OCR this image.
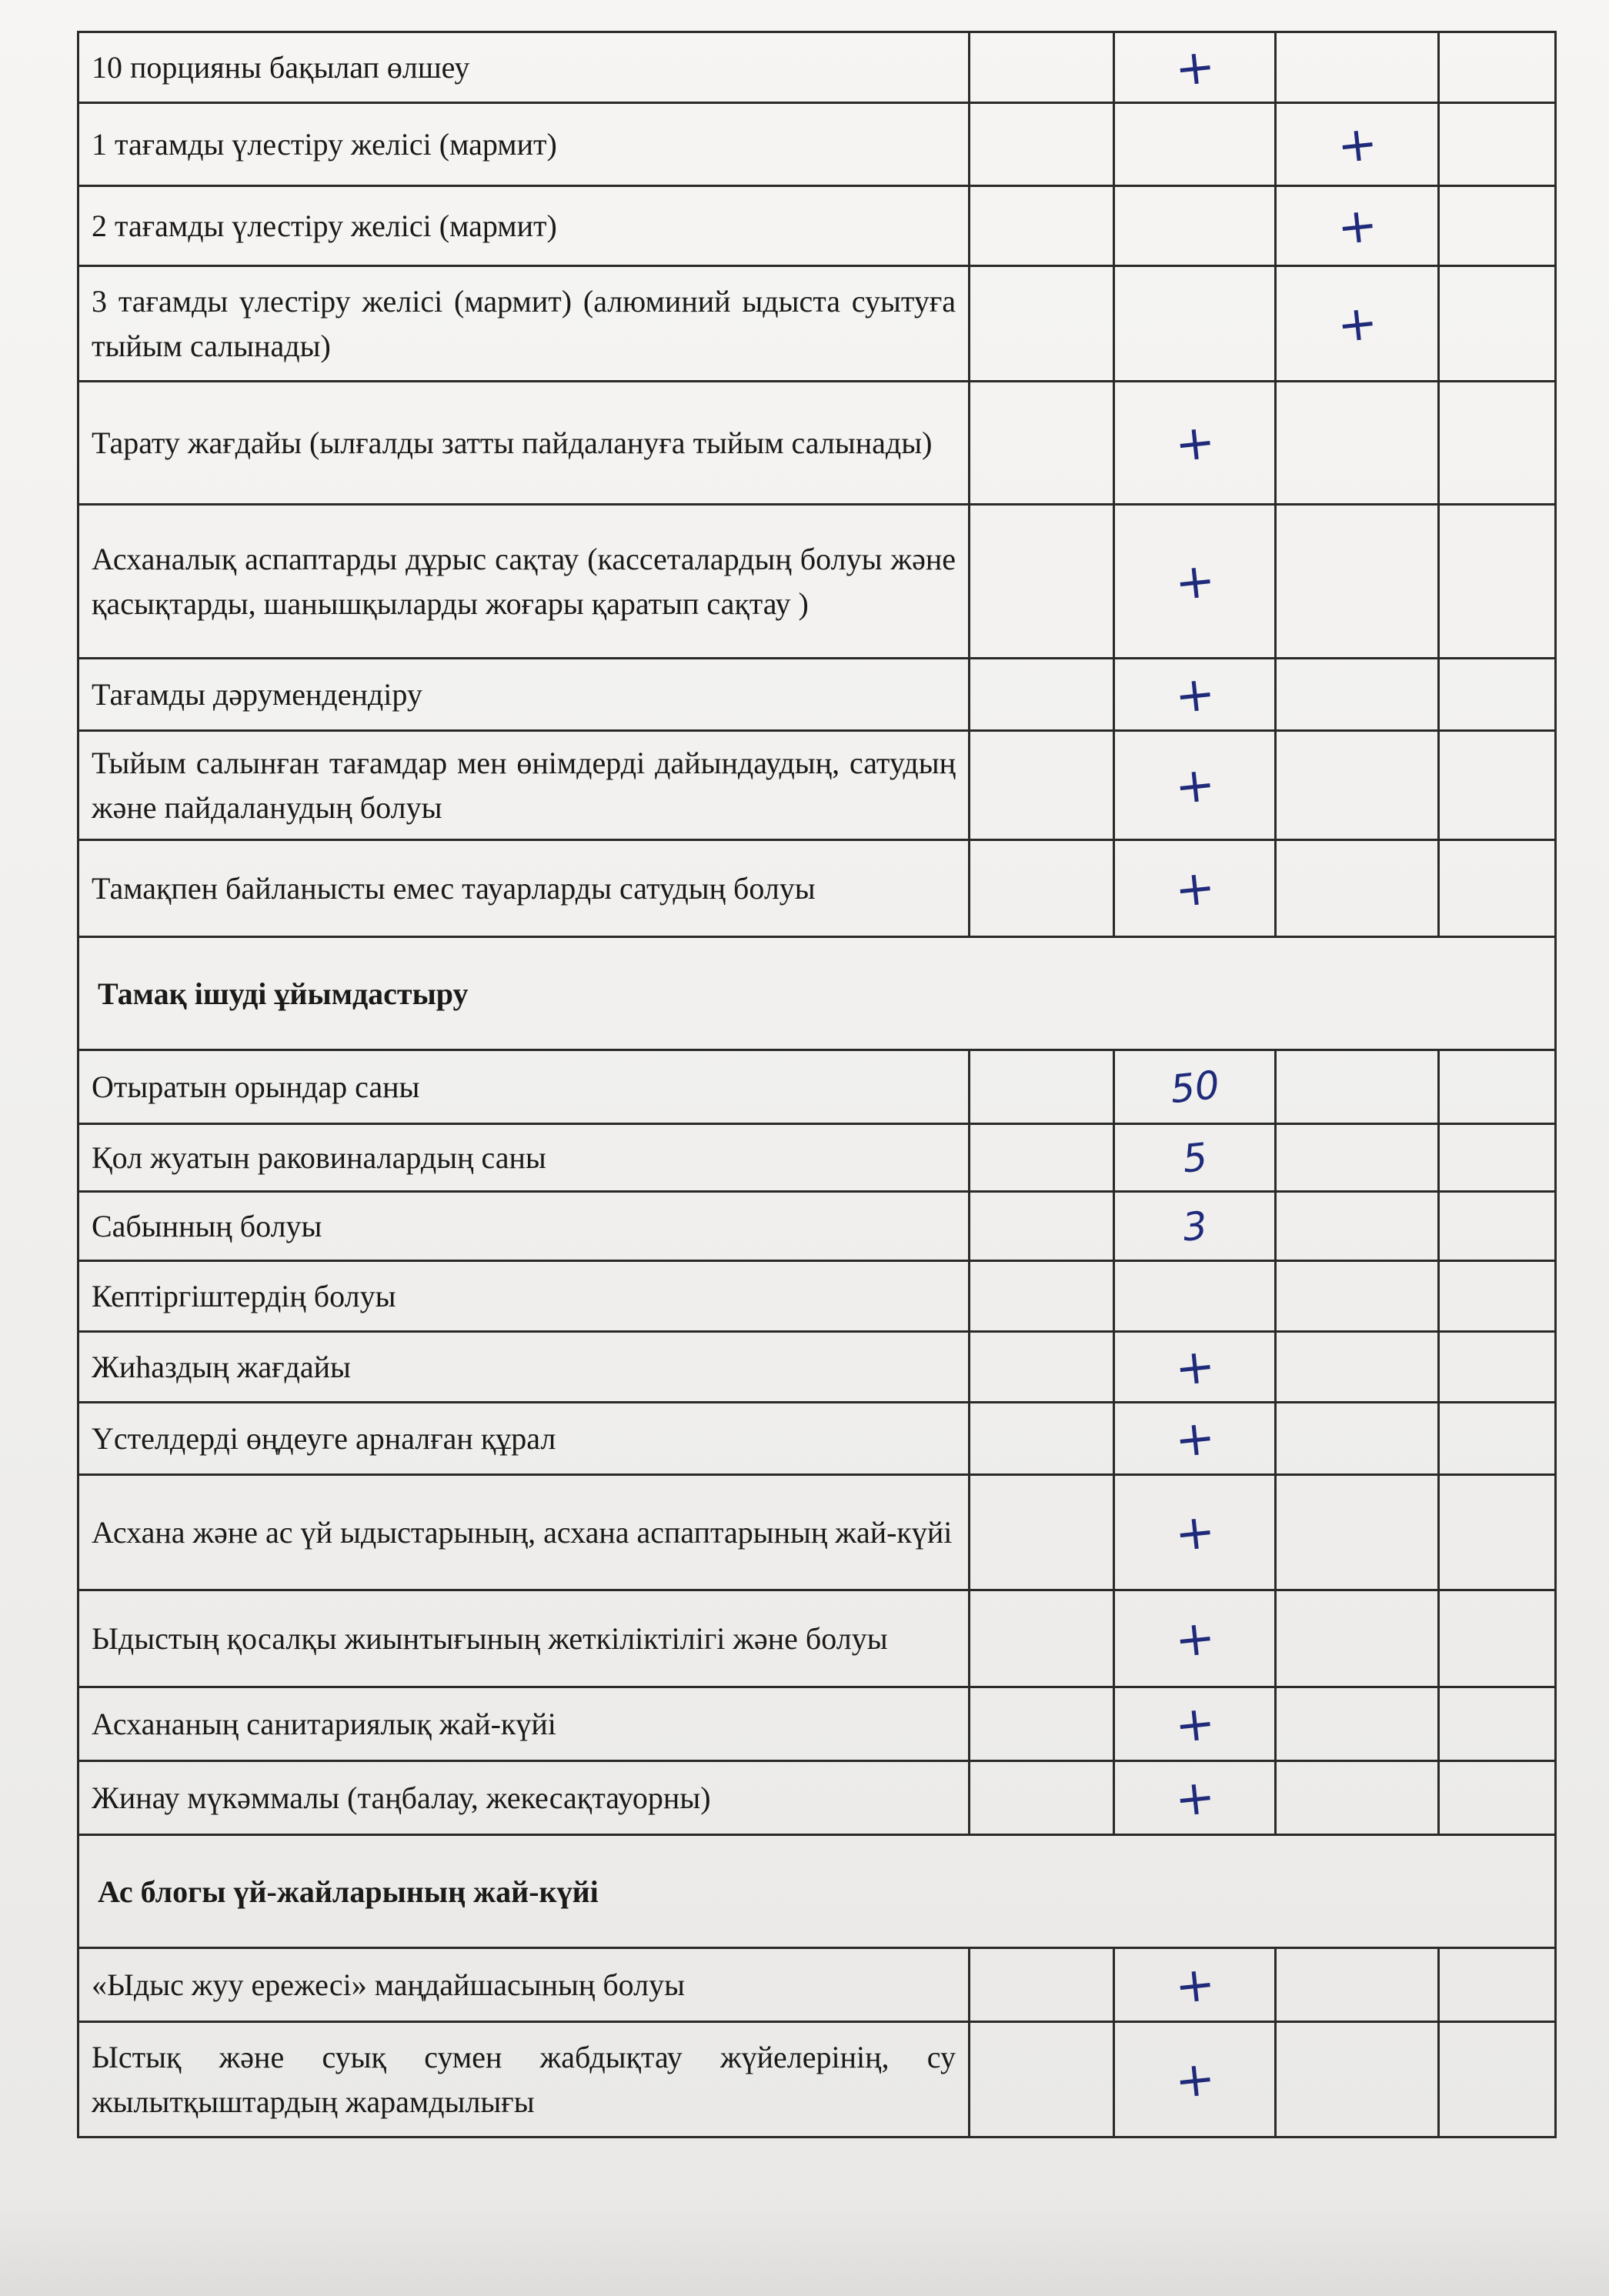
10 порцияны бақылап өлшеу		+		
1 тағамды үлестіру желісі (мармит)			+	
2 тағамды үлестіру желісі (мармит)			+	
3 тағамды үлестіру желісі (мармит) (алюминий ыдыста суытуға тыйым салынады)			+	
Тарату жағдайы (ылғалды затты пайдалануға тыйым салынады)		+		
Асханалық аспаптарды дұрыс сақтау (кассеталардың болуы және қасықтарды, шанышқыларды жоғары қаратып сақтау )		+		
Тағамды дәрумендендіру		+		
Тыйым салынған тағамдар мен өнімдерді дайындаудың, сатудың және пайдаланудың болуы		+		
Тамақпен байланысты емес тауарларды сатудың болуы		+		
Тамақ ішуді ұйымдастыру				
Отыратын орындар саны		50		
Қол жуатын раковиналардың саны		5		
Сабынның болуы		3		
Кептіргіштердің болуы				
Жиһаздың жағдайы		+		
Үстелдерді өңдеуге арналған құрал		+		
Асхана және ас үй ыдыстарының, асхана аспаптарының жай-күйі		+		
Ыдыстың қосалқы жиынтығының жеткіліктілігі және болуы		+		
Асхананың санитариялық жай-күйі		+		
Жинау мүкәммалы (таңбалау, жекесақтауорны)		+		
Ас блогы үй-жайларының жай-күйі				
«Ыдыс жуу ережесі» маңдайшасының болуы		+		
Ыстық және суық сумен жабдықтау жүйелерінің, су жылытқыштардың жарамдылығы		+		
